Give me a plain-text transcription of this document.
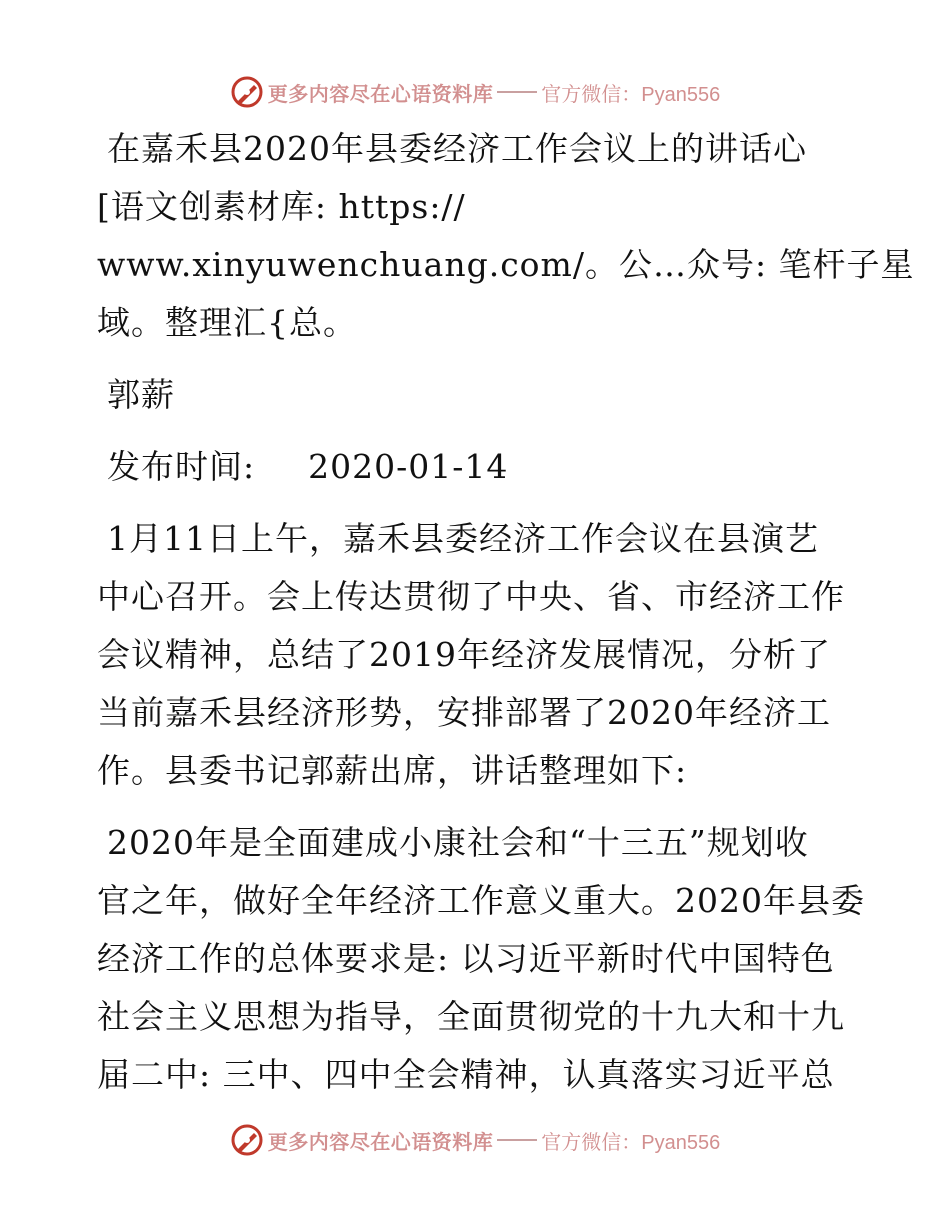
更多内容尽在心语资料库 官方微信：Pyan556
在嘉禾县2020年县委经济工作会议上的讲话心
[语文创素材库: https://
www.xinyuwenchuang.com/。公…众号: 笔杆子星
域。整理汇{总。
郭薪
发布时间: 2020-01-14
1月11日上午，嘉禾县委经济工作会议在县演艺
中心召开。会上传达贯彻了中央、省、市经济工作
会议精神，总结了2019年经济发展情况，分析了
当前嘉禾县经济形势，安排部署了2020年经济工
作。县委书记郭薪出席，讲话整理如下:
2020年是全面建成小康社会和“十三五”规划收
官之年，做好全年经济工作意义重大。2020年县委
经济工作的总体要求是: 以习近平新时代中国特色
社会主义思想为指导，全面贯彻党的十九大和十九
届二中: 三中、四中全会精神，认真落实习近平总
更多内容尽在心语资料库 官方微信：Pyan556
